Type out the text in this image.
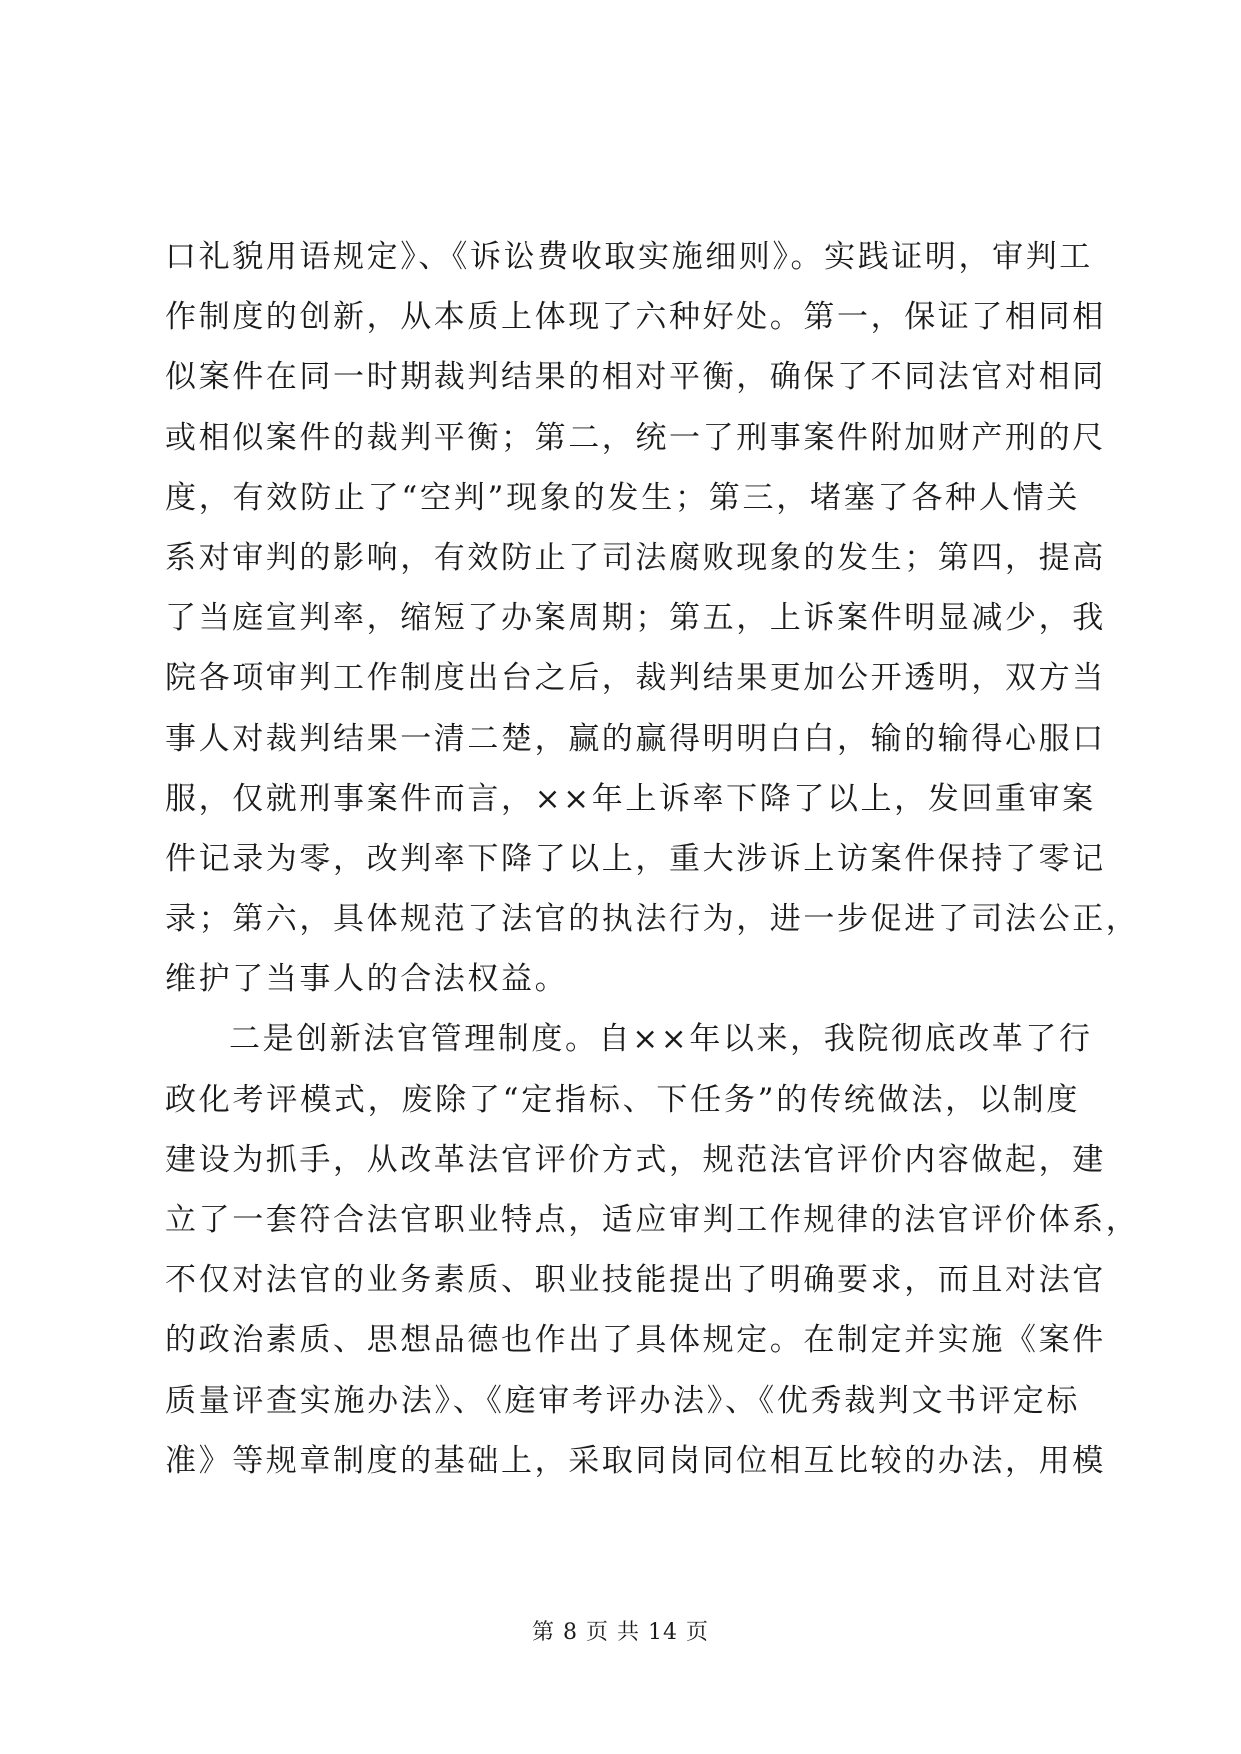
口礼貌用语规定》、《诉讼费收取实施细则》。实践证明，审判工
作制度的创新，从本质上体现了六种好处。第一，保证了相同相
似案件在同一时期裁判结果的相对平衡，确保了不同法官对相同
或相似案件的裁判平衡；第二，统一了刑事案件附加财产刑的尺
度，有效防止了“空判”现象的发生；第三，堵塞了各种人情关
系对审判的影响，有效防止了司法腐败现象的发生；第四，提高
了当庭宣判率，缩短了办案周期；第五，上诉案件明显减少，我
院各项审判工作制度出台之后，裁判结果更加公开透明，双方当
事人对裁判结果一清二楚，赢的赢得明明白白，输的输得心服口
服，仅就刑事案件而言，××年上诉率下降了以上，发回重审案
件记录为零，改判率下降了以上，重大涉诉上访案件保持了零记
录；第六，具体规范了法官的执法行为，进一步促进了司法公正，
维护了当事人的合法权益。
二是创新法官管理制度。自××年以来，我院彻底改革了行
政化考评模式，废除了“定指标、下任务”的传统做法，以制度
建设为抓手，从改革法官评价方式，规范法官评价内容做起，建
立了一套符合法官职业特点，适应审判工作规律的法官评价体系，
不仅对法官的业务素质、职业技能提出了明确要求，而且对法官
的政治素质、思想品德也作出了具体规定。在制定并实施《案件
质量评查实施办法》、《庭审考评办法》、《优秀裁判文书评定标
准》等规章制度的基础上，采取同岗同位相互比较的办法，用模
第 8 页 共 14 页
